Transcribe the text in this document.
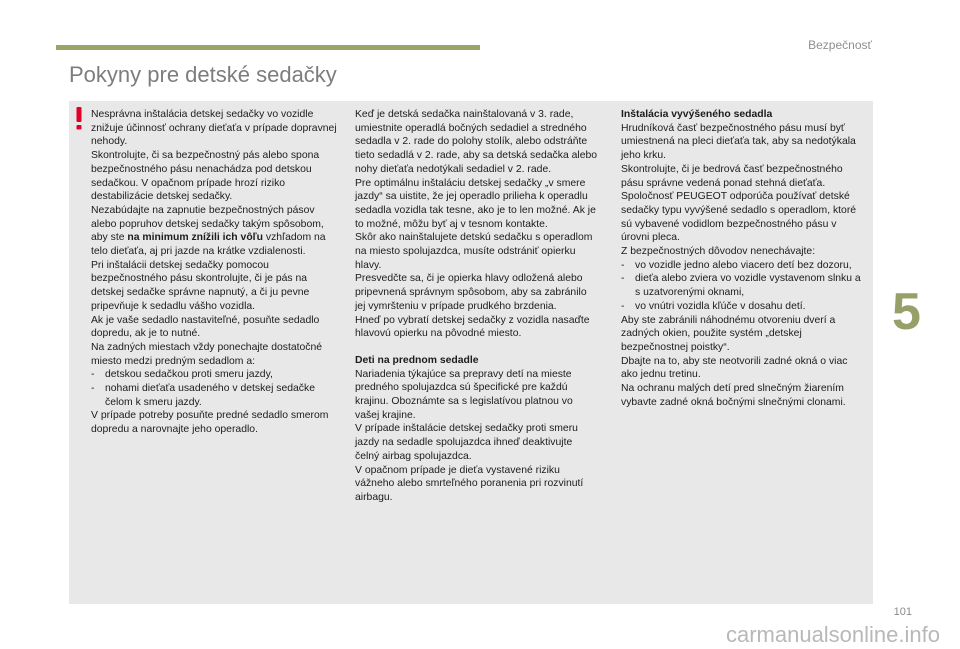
Bezpečnosť
Pokyny pre detské sedačky

Nesprávna inštalácia detskej sedačky vo vozidle znižuje účinnosť ochrany dieťaťa v prípade dopravnej nehody.

Skontrolujte, či sa bezpečnostný pás alebo spona bezpečnostného pásu nenachádza pod detskou sedačkou. V opačnom prípade hrozí riziko destabilizácie detskej sedačky.

Nezabúdajte na zapnutie bezpečnostných pásov alebo popruhov detskej sedačky takým spôsobom, aby ste na minimum znížili ich vôľu vzhľadom na telo dieťaťa, aj pri jazde na krátke vzdialenosti.

Pri inštalácii detskej sedačky pomocou bezpečnostného pásu skontrolujte, či je pás na detskej sedačke správne napnutý, a či ju pevne pripevňuje k sedadlu vášho vozidla.

Ak je vaše sedadlo nastaviteľné, posuňte sedadlo dopredu, ak je to nutné.

Na zadných miestach vždy ponechajte dostatočné miesto medzi predným sedadlom a:

-	detskou sedačkou proti smeru jazdy,
-	nohami dieťaťa usadeného v detskej sedačke čelom k smeru jazdy.

V prípade potreby posuňte predné sedadlo smerom dopredu a narovnajte jeho operadlo.

Keď je detská sedačka nainštalovaná v 3. rade, umiestnite operadlá bočných sedadiel a stredného sedadla v 2. rade do polohy stolík, alebo odstráňte tieto sedadlá v 2. rade, aby sa detská sedačka alebo nohy dieťaťa nedotýkali sedadiel v 2. rade.

Pre optimálnu inštaláciu detskej sedačky „v smere jazdy“ sa uistite, že jej operadlo prilieha k operadlu sedadla vozidla tak tesne, ako je to len možné. Ak je to možné, môžu byť aj v tesnom kontakte.

Skôr ako nainštalujete detskú sedačku s operadlom na miesto spolujazdca, musíte odstrániť opierku hlavy.

Presvedčte sa, či je opierka hlavy odložená alebo pripevnená správnym spôsobom, aby sa zabránilo jej vymršteniu v prípade prudkého brzdenia.

Hneď po vybratí detskej sedačky z vozidla nasaďte hlavovú opierku na pôvodné miesto.

Deti na prednom sedadle

Nariadenia týkajúce sa prepravy detí na mieste predného spolujazdca sú špecifické pre každú krajinu. Oboznámte sa s legislatívou platnou vo vašej krajine.

V prípade inštalácie detskej sedačky proti smeru jazdy na sedadle spolujazdca ihneď deaktivujte čelný airbag spolujazdca.

V opačnom prípade je dieťa vystavené riziku vážneho alebo smrteľného poranenia pri rozvinutí airbagu.

Inštalácia vyvýšeného sedadla

Hrudníková časť bezpečnostného pásu musí byť umiestnená na pleci dieťaťa tak, aby sa nedotýkala jeho krku.

Skontrolujte, či je bedrová časť bezpečnostného pásu správne vedená ponad stehná dieťaťa.

Spoločnosť PEUGEOT odporúča používať detské sedačky typu vyvýšené sedadlo s operadlom, ktoré sú vybavené vodidlom bezpečnostného pásu v úrovni pleca.

Z bezpečnostných dôvodov nenechávajte:

-	vo vozidle jedno alebo viacero detí bez dozoru,
-	dieťa alebo zviera vo vozidle vystavenom slnku a s uzatvorenými oknami,
-	vo vnútri vozidla kľúče v dosahu detí.

Aby ste zabránili náhodnému otvoreniu dverí a zadných okien, použite systém „detskej bezpečnostnej poistky“.

Dbajte na to, aby ste neotvorili zadné okná o viac ako jednu tretinu.

Na ochranu malých detí pred slnečným žiarením vybavte zadné okná bočnými slnečnými clonami.

5
101
carmanualsonline.info
